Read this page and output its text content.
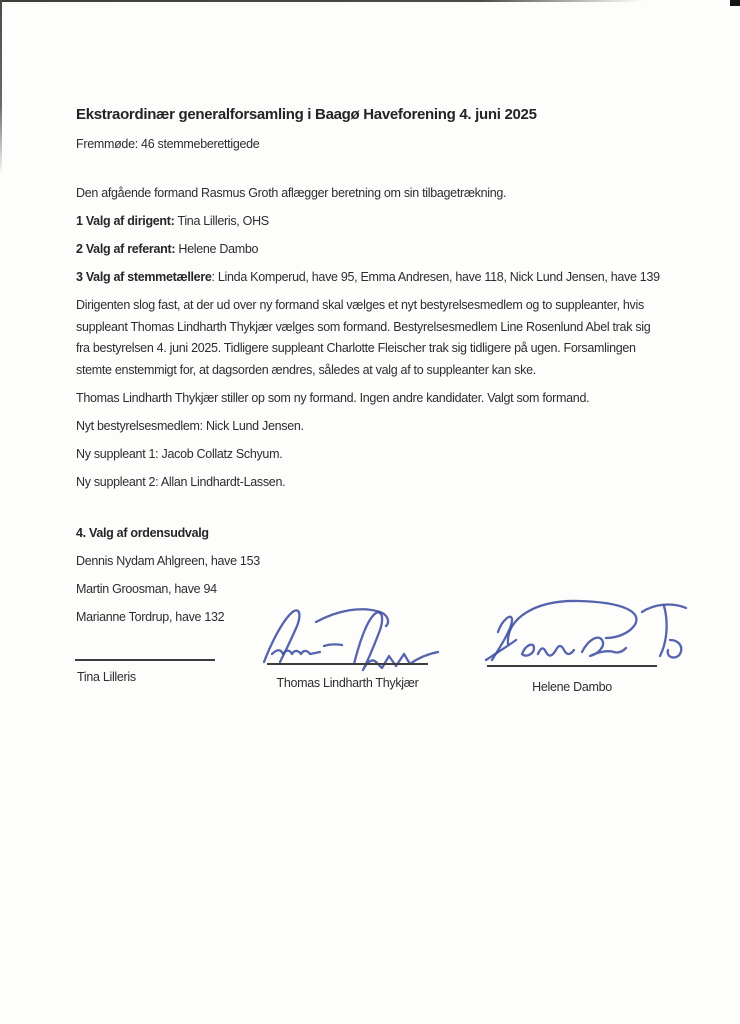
Ekstraordinær generalforsamling i Baagø Haveforening 4. juni 2025

Fremmøde: 46 stemmeberettigede

Den afgående formand Rasmus Groth aflægger beretning om sin tilbagetrækning.

1 Valg af dirigent: Tina Lilleris, OHS

2 Valg af referant: Helene Dambo

3 Valg af stemmetællere: Linda Komperud, have 95, Emma Andresen, have 118, Nick Lund Jensen, have 139

Dirigenten slog fast, at der ud over ny formand skal vælges et nyt bestyrelsesmedlem og to suppleanter, hvis
suppleant Thomas Lindharth Thykjær vælges som formand. Bestyrelsesmedlem Line Rosenlund Abel trak sig
fra bestyrelsen 4. juni 2025. Tidligere suppleant Charlotte Fleischer trak sig tidligere på ugen. Forsamlingen
stemte enstemmigt for, at dagsorden ændres, således at valg af to suppleanter kan ske.

Thomas Lindharth Thykjær stiller op som ny formand. Ingen andre kandidater. Valgt som formand.

Nyt bestyrelsesmedlem: Nick Lund Jensen.

Ny suppleant 1: Jacob Collatz Schyum.

Ny suppleant 2: Allan Lindhardt-Lassen.

4. Valg af ordensudvalg

Dennis Nydam Ahlgreen, have 153

Martin Groosman, have 94

Marianne Tordrup, have 132

Tina Lilleris	Thomas Lindharth Thykjær	Helene Dambo
